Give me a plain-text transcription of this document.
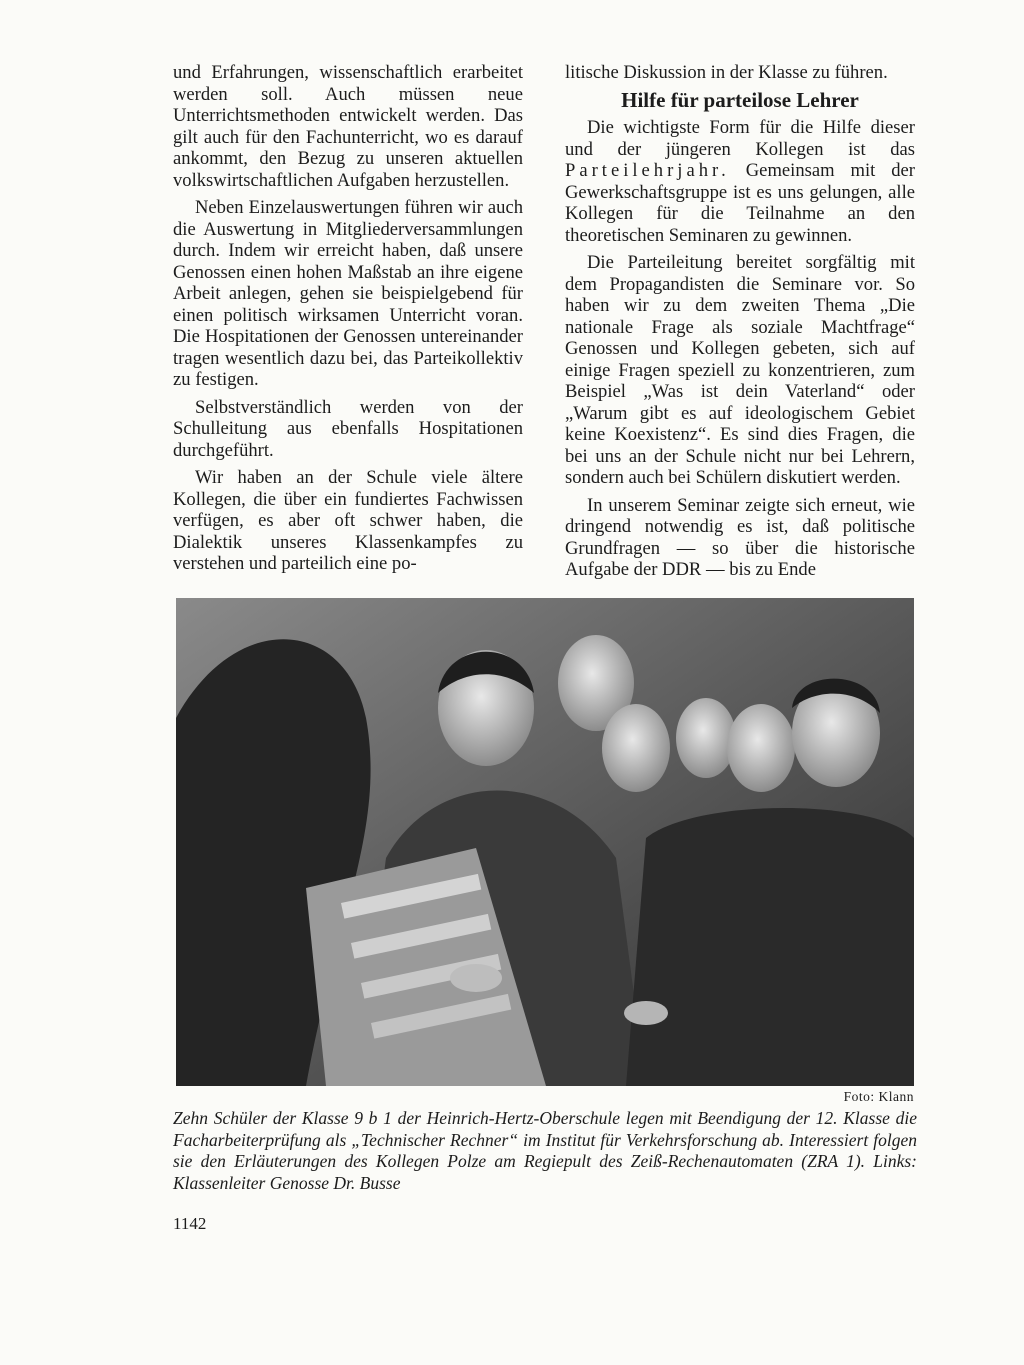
und Erfahrungen, wissenschaftlich erarbeitet werden soll. Auch müssen neue Unterrichtsmethoden entwickelt werden. Das gilt auch für den Fachunterricht, wo es darauf ankommt, den Bezug zu unseren aktuellen volkswirtschaftlichen Aufgaben herzustellen.

Neben Einzelauswertungen führen wir auch die Auswertung in Mitgliederversammlungen durch. Indem wir erreicht haben, daß unsere Genossen einen hohen Maßstab an ihre eigene Arbeit anlegen, gehen sie beispielgebend für einen politisch wirksamen Unterricht voran. Die Hospitationen der Genossen untereinander tragen wesentlich dazu bei, das Parteikollektiv zu festigen.

Selbstverständlich werden von der Schulleitung aus ebenfalls Hospitationen durchgeführt.

Wir haben an der Schule viele ältere Kollegen, die über ein fundiertes Fachwissen verfügen, es aber oft schwer haben, die Dialektik unseres Klassenkampfes zu verstehen und parteilich eine po-

litische Diskussion in der Klasse zu führen.

Hilfe für parteilose Lehrer

Die wichtigste Form für die Hilfe dieser und der jüngeren Kollegen ist das Parteilehrjahr. Gemeinsam mit der Gewerkschaftsgruppe ist es uns gelungen, alle Kollegen für die Teilnahme an den theoretischen Seminaren zu gewinnen.

Die Parteileitung bereitet sorgfältig mit dem Propagandisten die Seminare vor. So haben wir zu dem zweiten Thema „Die nationale Frage als soziale Machtfrage“ Genossen und Kollegen gebeten, sich auf einige Fragen speziell zu konzentrieren, zum Beispiel „Was ist dein Vaterland“ oder „Warum gibt es auf ideologischem Gebiet keine Koexistenz“. Es sind dies Fragen, die bei uns an der Schule nicht nur bei Lehrern, sondern auch bei Schülern diskutiert werden.

In unserem Seminar zeigte sich erneut, wie dringend notwendig es ist, daß politische Grundfragen — so über die historische Aufgabe der DDR — bis zu Ende

Foto: Klann
Zehn Schüler der Klasse 9 b 1 der Heinrich-Hertz-Oberschule legen mit Beendigung der 12. Klasse die Facharbeiterprüfung als „Technischer Rechner“ im Institut für Verkehrsforschung ab. Interessiert folgen sie den Erläuterungen des Kollegen Polze am Regiepult des Zeiß-Rechenautomaten (ZRA 1). Links: Klassenleiter Genosse Dr. Busse
1142
